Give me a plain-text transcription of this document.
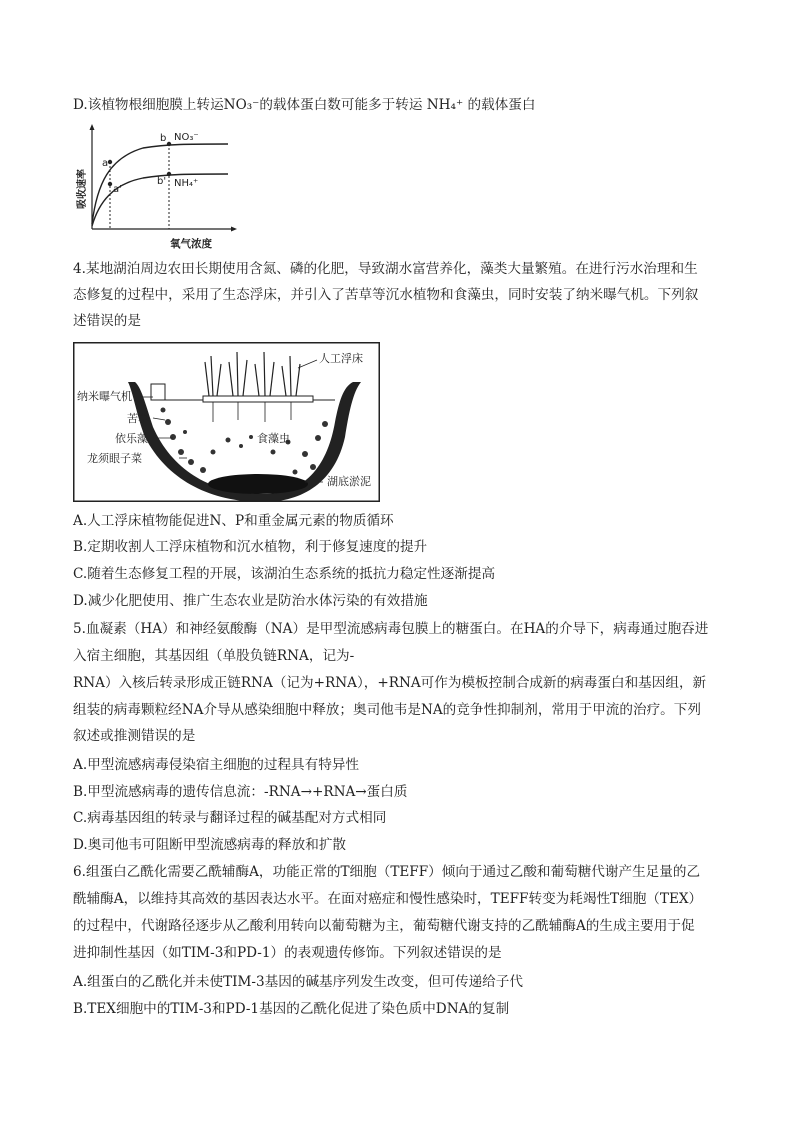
D.该植物根细胞膜上转运NO₃⁻的载体蛋白数可能多于转运 NH₄⁺ 的载体蛋白
a
a'
b
b'
NO₃⁻
NH₄⁺
吸收速率
氧气浓度
4.某地湖泊周边农田长期使用含氮、磷的化肥，导致湖水富营养化，藻类大量繁殖。在进行污水治理和生
态修复的过程中，采用了生态浮床，并引入了苦草等沉水植物和食藻虫，同时安装了纳米曝气机。下列叙
述错误的是
人工浮床
纳米曝气机
苦草
依乐藻
龙须眼子菜
食藻虫
湖底淤泥
A.人工浮床植物能促进N、P和重金属元素的物质循环
B.定期收割人工浮床植物和沉水植物，利于修复速度的提升
C.随着生态修复工程的开展，该湖泊生态系统的抵抗力稳定性逐渐提高
D.减少化肥使用、推广生态农业是防治水体污染的有效措施
5.血凝素（HA）和神经氨酸酶（NA）是甲型流感病毒包膜上的糖蛋白。在HA的介导下，病毒通过胞吞进
入宿主细胞，其基因组（单股负链RNA，记为-
RNA）入核后转录形成正链RNA（记为+RNA），+RNA可作为模板控制合成新的病毒蛋白和基因组，新
组装的病毒颗粒经NA介导从感染细胞中释放；奥司他韦是NA的竞争性抑制剂，常用于甲流的治疗。下列
叙述或推测错误的是
A.甲型流感病毒侵染宿主细胞的过程具有特异性
B.甲型流感病毒的遗传信息流：-RNA→+RNA→蛋白质
C.病毒基因组的转录与翻译过程的碱基配对方式相同
D.奥司他韦可阻断甲型流感病毒的释放和扩散
6.组蛋白乙酰化需要乙酰辅酶A，功能正常的T细胞（TEFF）倾向于通过乙酸和葡萄糖代谢产生足量的乙
酰辅酶A，以维持其高效的基因表达水平。在面对癌症和慢性感染时，TEFF转变为耗竭性T细胞（TEX）
的过程中，代谢路径逐步从乙酸利用转向以葡萄糖为主，葡萄糖代谢支持的乙酰辅酶A的生成主要用于促
进抑制性基因（如TIM-3和PD-1）的表观遗传修饰。下列叙述错误的是
A.组蛋白的乙酰化并未使TIM-3基因的碱基序列发生改变，但可传递给子代
B.TEX细胞中的TIM-3和PD-1基因的乙酰化促进了染色质中DNA的复制
